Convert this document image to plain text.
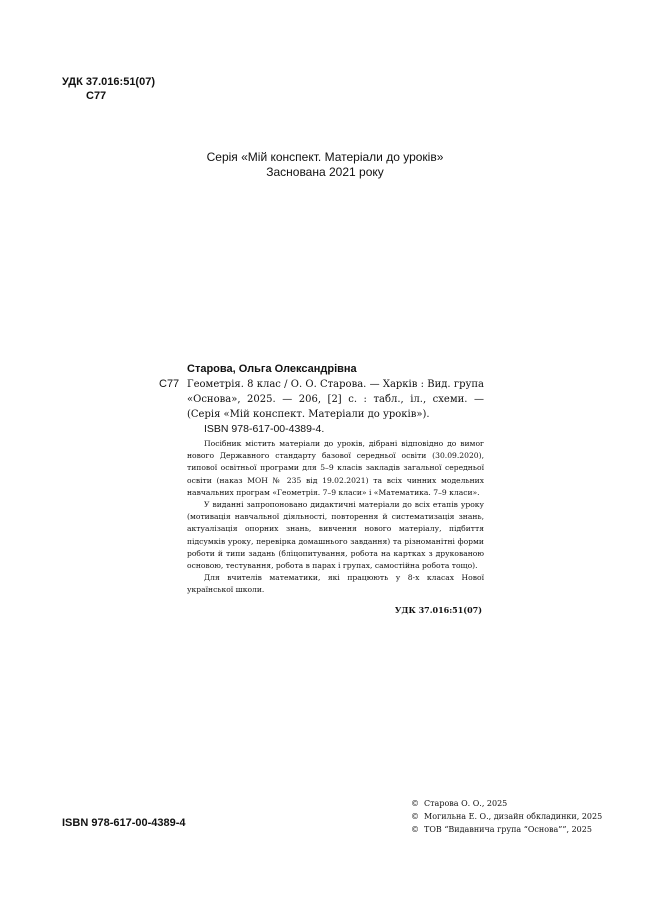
УДК 37.016:51(07)
С77
Серія «Мій конспект. Матеріали до уроків»
Заснована 2021 року
Старова, Ольга Олександрівна
С77 Геометрія. 8 клас / О. О. Старова. — Харків : Вид. група «Основа», 2025. — 206, [2] с. : табл., іл., схеми. — (Серія «Мій конспект. Матеріали до уроків»).
ISBN 978-617-00-4389-4.

Посібник містить матеріали до уроків, дібрані відповідно до вимог нового Державного стандарту базової середньої освіти (30.09.2020), типової освітньої програми для 5–9 класів закладів загальної середньої освіти (наказ МОН № 235 від 19.02.2021) та всіх чинних модельних навчальних програм «Геометрія. 7–9 класи» і «Математика. 7–9 класи».

У виданні запропоновано дидактичні матеріали до всіх етапів уроку (мотивація навчальної діяльності, повторення й систематизація знань, актуалізація опорних знань, вивчення нового матеріалу, підбиття підсумків уроку, перевірка домашнього завдання) та різноманітні форми роботи й типи задань (бліцопитування, робота на картках з друкованою основою, тестування, робота в парах і групах, самостійна робота тощо).

Для вчителів математики, які працюють у 8-х класах Нової української школи.

УДК 37.016:51(07)
ISBN 978-617-00-4389-4
© Старова О. О., 2025
© Могильна Е. О., дизайн обкладинки, 2025
© ТОВ “Видавнича група “Основа””, 2025
